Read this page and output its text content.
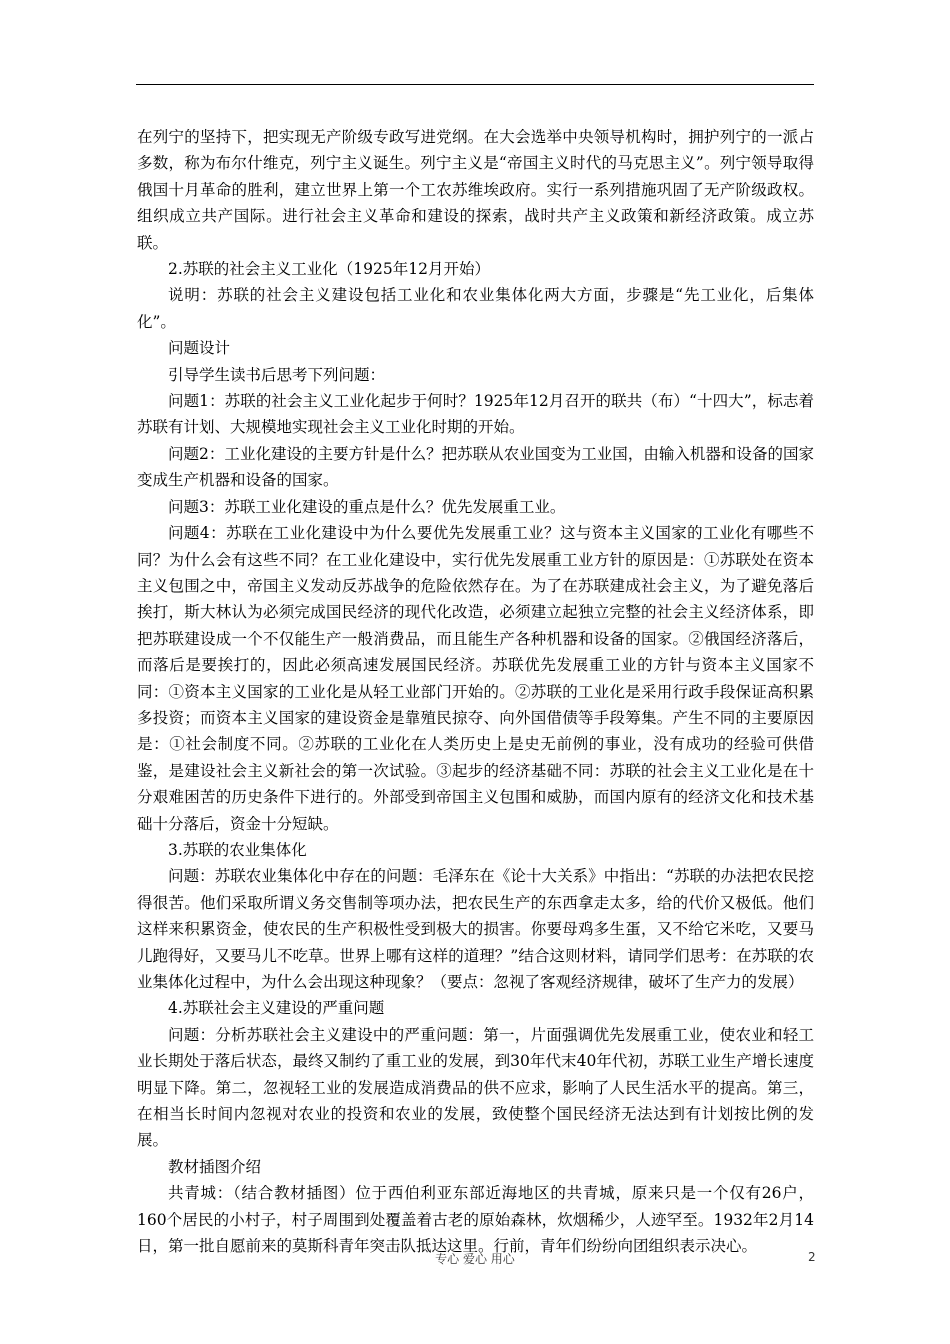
在列宁的坚持下，把实现无产阶级专政写进党纲。在大会选举中央领导机构时，拥护列宁的一派占多数，称为布尔什维克，列宁主义诞生。列宁主义是“帝国主义时代的马克思主义”。列宁领导取得俄国十月革命的胜利，建立世界上第一个工农苏维埃政府。实行一系列措施巩固了无产阶级政权。组织成立共产国际。进行社会主义革命和建设的探索，战时共产主义政策和新经济政策。成立苏联。

2.苏联的社会主义工业化（1925年12月开始）

说明：苏联的社会主义建设包括工业化和农业集体化两大方面，步骤是“先工业化，后集体化”。

问题设计

引导学生读书后思考下列问题：

问题1：苏联的社会主义工业化起步于何时？1925年12月召开的联共（布）“十四大”，标志着苏联有计划、大规模地实现社会主义工业化时期的开始。

问题2：工业化建设的主要方针是什么？把苏联从农业国变为工业国，由输入机器和设备的国家变成生产机器和设备的国家。

问题3：苏联工业化建设的重点是什么？优先发展重工业。

问题4：苏联在工业化建设中为什么要优先发展重工业？这与资本主义国家的工业化有哪些不同？为什么会有这些不同？在工业化建设中，实行优先发展重工业方针的原因是：①苏联处在资本主义包围之中，帝国主义发动反苏战争的危险依然存在。为了在苏联建成社会主义，为了避免落后挨打，斯大林认为必须完成国民经济的现代化改造，必须建立起独立完整的社会主义经济体系，即把苏联建设成一个不仅能生产一般消费品，而且能生产各种机器和设备的国家。②俄国经济落后，而落后是要挨打的，因此必须高速发展国民经济。苏联优先发展重工业的方针与资本主义国家不同：①资本主义国家的工业化是从轻工业部门开始的。②苏联的工业化是采用行政手段保证高积累多投资；而资本主义国家的建设资金是靠殖民掠夺、向外国借债等手段筹集。产生不同的主要原因是：①社会制度不同。②苏联的工业化在人类历史上是史无前例的事业，没有成功的经验可供借鉴，是建设社会主义新社会的第一次试验。③起步的经济基础不同：苏联的社会主义工业化是在十分艰难困苦的历史条件下进行的。外部受到帝国主义包围和威胁，而国内原有的经济文化和技术基础十分落后，资金十分短缺。

3.苏联的农业集体化

问题：苏联农业集体化中存在的问题：毛泽东在《论十大关系》中指出：“苏联的办法把农民挖得很苦。他们采取所谓义务交售制等项办法，把农民生产的东西拿走太多，给的代价又极低。他们这样来积累资金，使农民的生产积极性受到极大的损害。你要母鸡多生蛋，又不给它米吃，又要马儿跑得好，又要马儿不吃草。世界上哪有这样的道理？”结合这则材料，请同学们思考：在苏联的农业集体化过程中，为什么会出现这种现象？（要点：忽视了客观经济规律，破坏了生产力的发展）

4.苏联社会主义建设的严重问题

问题：分析苏联社会主义建设中的严重问题：第一，片面强调优先发展重工业，使农业和轻工业长期处于落后状态，最终又制约了重工业的发展，到30年代末40年代初，苏联工业生产增长速度明显下降。第二，忽视轻工业的发展造成消费品的供不应求，影响了人民生活水平的提高。第三，在相当长时间内忽视对农业的投资和农业的发展，致使整个国民经济无法达到有计划按比例的发展。

教材插图介绍

共青城：（结合教材插图）位于西伯利亚东部近海地区的共青城，原来只是一个仅有26户，160个居民的小村子，村子周围到处覆盖着古老的原始森林，炊烟稀少，人迹罕至。1932年2月14日，第一批自愿前来的莫斯科青年突击队抵达这里。行前，青年们纷纷向团组织表示决心。

专心 爱心 用心	2
